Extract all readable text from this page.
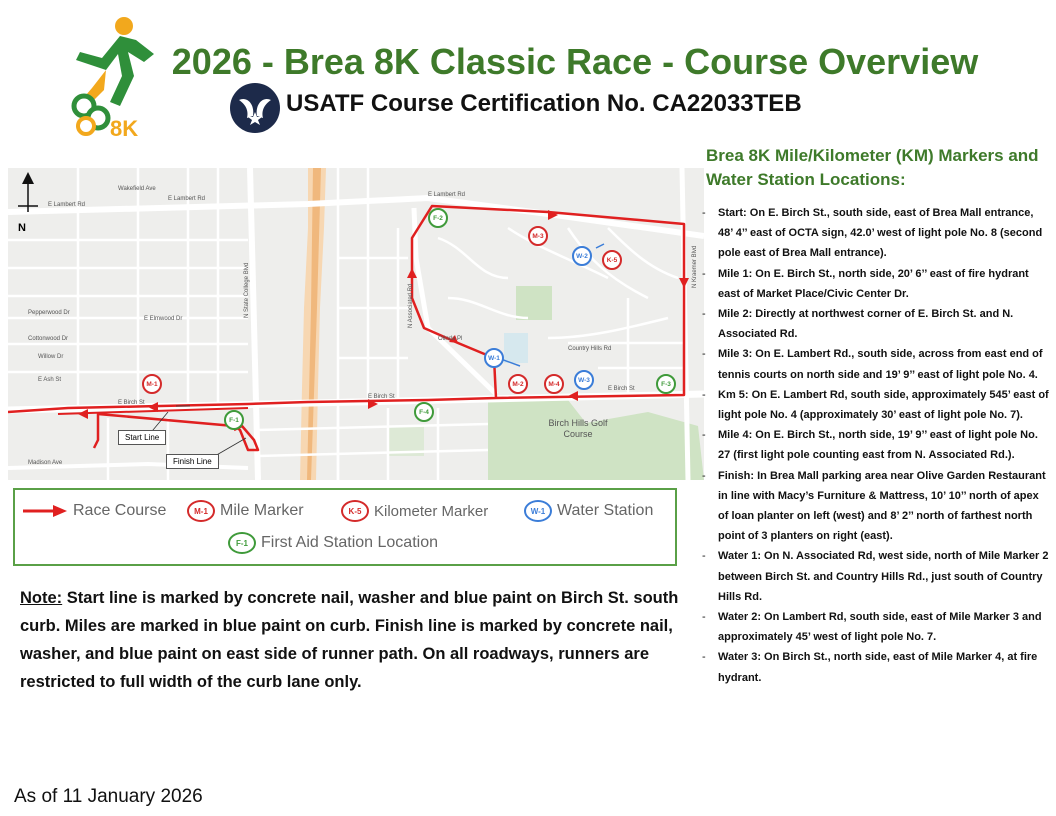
8K
2026 - Brea 8K Classic Race - Course Overview
USATF Course Certification No. CA22033TEB
E Lambert Rd
E Lambert Rd
E Lambert Rd
E Birch St
E Birch St
E Birch St
Madison Ave
E Elmwood Dr
Pepperwood Dr
Cottonwood Dr
Willow Dr
E Ash St
Wakefield Ave
Country Hills Rd
Olinda Pl
N State College Blvd	N Associated Rd
N Kraemer Blvd
Birch Hills Golf Course
M-1	M-2
M-3
M-4
K-5
W-1
W-2
W-3
F-1
F-2
F-3
F-4
Start Line
Finish Line
N
Race Course	M-1 Mile Marker	K-5 Kilometer Marker	W-1 Water Station
F-1 First Aid Station Location
Note: Start line is marked by concrete nail, washer and blue paint on Birch St. south curb. Miles are marked in blue paint on curb. Finish line is marked by concrete nail, washer, and blue paint on east side of runner path. On all roadways, runners are restricted to full width of the curb lane only.
As of 11 January 2026
Brea 8K Mile/Kilometer (KM) Markers and Water Station Locations:
- Start: On E. Birch St., south side, east of Brea Mall entrance, 48’ 4’’ east of OCTA sign, 42.0’ west of light pole No. 8 (second pole east of Brea Mall entrance).
- Mile 1: On E. Birch St., north side, 20’ 6’’ east of fire hydrant east of Market Place/Civic Center Dr.
- Mile 2: Directly at northwest corner of E. Birch St. and N. Associated Rd.
- Mile 3: On E. Lambert Rd., south side, across from east end of tennis courts on north side and 19’ 9’’ east of light pole No. 4.
- Km 5: On E. Lambert Rd, south side, approximately 545’ east of light pole No. 4 (approximately 30’ east of light pole No. 7).
- Mile 4: On E. Birch St., north side, 19’ 9’’ east of light pole No. 27 (first light pole counting east from N. Associated Rd.).
- Finish: In Brea Mall parking area near Olive Garden Restaurant in line with Macy’s Furniture & Mattress, 10’ 10’’ north of apex of loan planter on left (west) and 8’ 2’’ north of farthest north point of 3 planters on right (east).
- Water 1: On N. Associated Rd, west side, north of Mile Marker 2 between Birch St. and Country Hills Rd., just south of Country Hills Rd.
- Water 2: On Lambert Rd, south side, east of Mile Marker 3 and approximately 45’ west of light pole No. 7.
- Water 3: On Birch St., north side, east of Mile Marker 4, at fire hydrant.
